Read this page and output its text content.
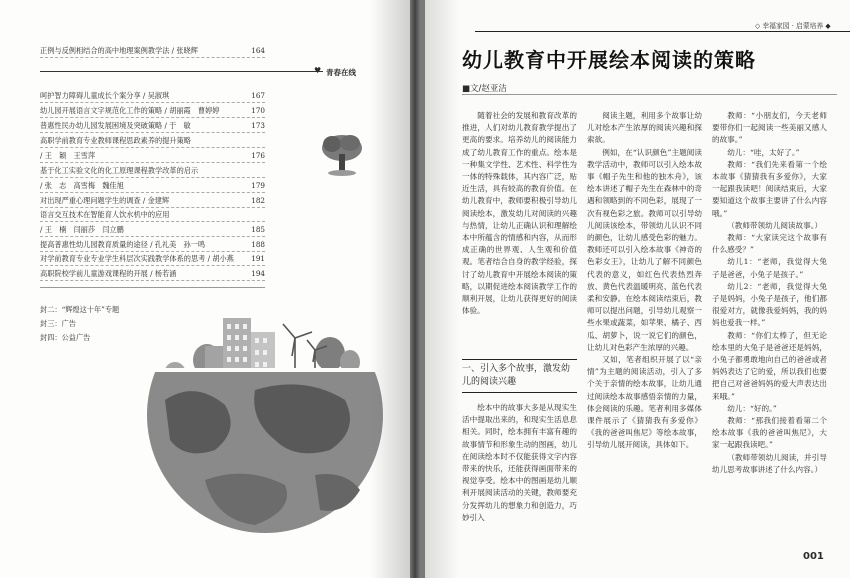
正例与反例相结合的高中地理案例教学法 / 张晓辉	164
呵护智力障碍儿童成长个案分享 / 吴淑琪	167
幼儿园开展语言文字规范化工作的策略 / 胡丽霞　曹婷婷	170
普惠性民办幼儿园发展困境及突破策略 / 于　敏	173
高职学前教育专业教师课程思政素养的提升策略
/ 王　颖　王雪萍	176
基于化工实验文化的化工原理课程教学改革的启示
/ 张　志　高雪梅　魏佳旭	179
对出现严重心理问题学生的调查 / 金建辉	182
语言交互技术在智能育人饮水机中的应用
/ 王　楠　闫丽莎　闫立鹏	185
提高普惠性幼儿园教育质量的途径 / 孔礼美　孙一鸣	188
对学前教育专业专业学生科层次实践教学体系的思考 / 胡小燕 191
高职院校学前儿童游戏课程的开展 / 杨若涵	194
♥ 青春在线
封二：“辉煌这十年”专题
封三：广告
封四：公益广告
◇ 幸福家园 · 启蒙培养 ◆
幼儿教育中开展绘本阅读的策略
■文/赵亚洁

随着社会的发展和教育改革的推进，人们对幼儿教育教学提出了更高的要求。培养幼儿的阅读能力成了幼儿教育工作的重点。绘本是一种集文学性、艺术性、科学性为一体的特殊载体，其内容广泛，贴近生活，具有较高的教育价值。在幼儿教育中，教师要积极引导幼儿阅读绘本，激发幼儿对阅读的兴趣与热情，让幼儿正确认识和理解绘本中所蕴含的情感和内容，从而形成正确的世界观、人生观和价值观。笔者结合自身的教学经验，探讨了幼儿教育中开展绘本阅读的策略，以期促进绘本阅读教学工作的顺利开展，让幼儿获得更好的阅读体验。

一、引入多个故事，激发幼儿的阅读兴趣

绘本中的故事大多是从现实生活中提取出来的，和现实生活息息相关。同时，绘本拥有丰富有趣的故事情节和形象生动的图画，幼儿在阅读绘本时不仅能获得文字内容带来的快乐，还能获得画面带来的视觉享受。绘本中的图画是幼儿顺利开展阅读活动的关键，教师要充分发挥幼儿的想象力和创造力，巧妙引入

阅读主题，利用多个故事让幼儿对绘本产生浓厚的阅读兴趣和探索欲。

例如，在“认识颜色”主题阅读教学活动中，教师可以引入绘本故事《帽子先生和他的独木舟》，该绘本讲述了帽子先生在森林中的奇遇和领略到的不同色彩，展现了一次有视色彩之旅。教师可以引导幼儿阅读该绘本，带领幼儿认识不同的颜色，让幼儿感受色彩的魅力。教师还可以引入绘本故事《神奇的色彩女王》，让幼儿了解不同颜色代表的意义，如红色代表热烈奔放、黄色代表温暖明亮、蓝色代表柔和安静。在绘本阅读结束后，教师可以提出问题，引导幼儿观察一些水果或蔬菜，如苹果、橘子、西瓜、胡萝卜，说一说它们的颜色，让幼儿对色彩产生浓厚的兴趣。

又如，笔者组织开展了以“亲情”为主题的阅读活动，引入了多个关于亲情的绘本故事，让幼儿通过阅读绘本故事感悟亲情的力量，体会阅读的乐趣。笔者利用多媒体课件展示了《猜猜我有多爱你》《我的爸爸叫焦尼》等绘本故事，引导幼儿展开阅读，具体如下。

教师：“小朋友们，今天老师要带你们一起阅读一些美丽又感人的故事。”

幼儿：“哇，太好了。”

教师：“我们先来看第一个绘本故事《猜猜我有多爱你》，大家一起跟我读吧！阅读结束后，大家要知道这个故事主要讲了什么内容哦。”

（教师带领幼儿阅读故事。）

教师：“大家读完这个故事有什么感受？”

幼儿1：“老师，我觉得大兔子是爸爸，小兔子是孩子。”

幼儿2：“老师，我觉得大兔子是妈妈，小兔子是孩子，他们都很爱对方，就像我爱妈妈，我的妈妈也爱我一样。”

教师：“你们太棒了，但无论绘本里的大兔子是爸爸还是妈妈，小兔子都勇敢地向自己的爸爸或者妈妈表达了它的爱，所以我们也要把自己对爸爸妈妈的爱大声表达出来哦。”

幼儿：“好的。”

教师：“那我们接着看第二个绘本故事《我的爸爸叫焦尼》，大家一起跟我读吧。”

（教师带领幼儿阅读，并引导幼儿思考故事讲述了什么内容。）

001
